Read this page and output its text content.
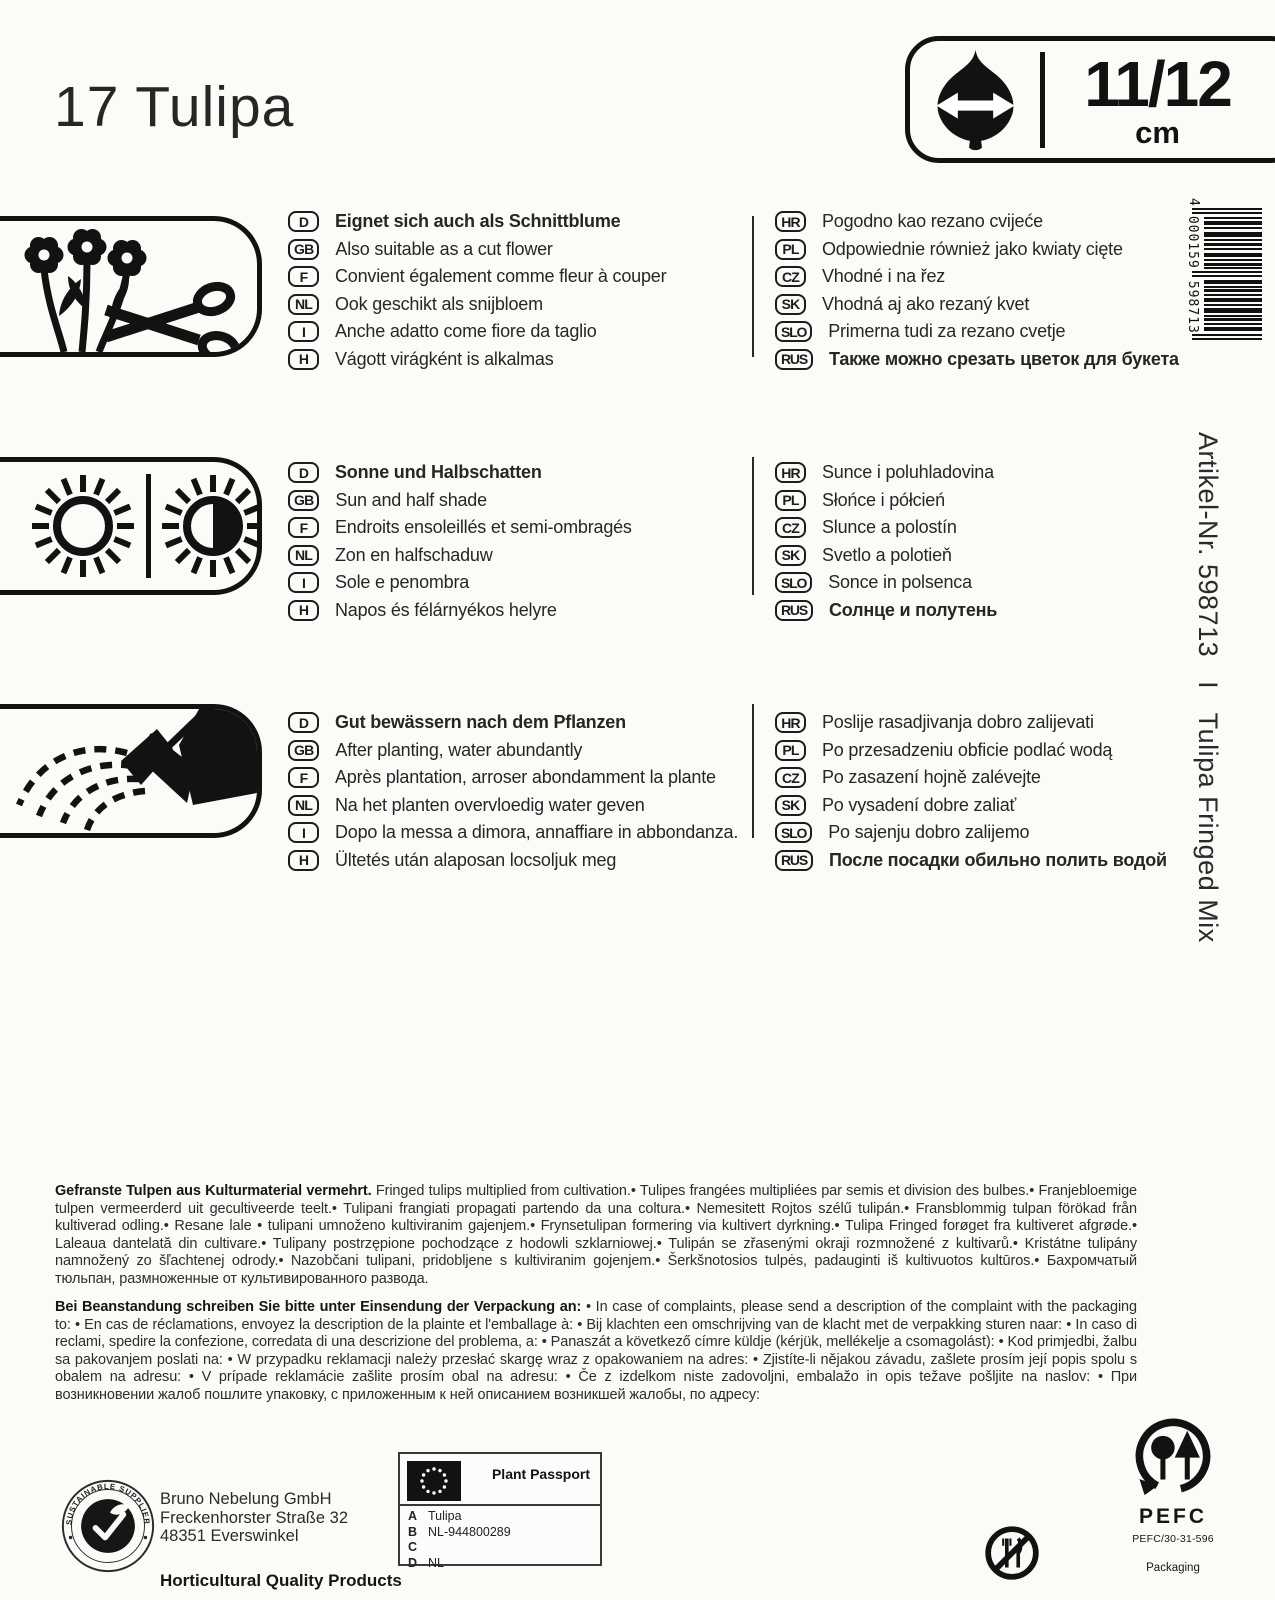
17 Tulipa	11/12
cm
D	Eignet sich auch als Schnittblume
GB	Also suitable as a cut flower
F	Convient également comme fleur à couper
NL	Ook geschikt als snijbloem
I	Anche adatto come fiore da taglio
H	Vágott virágként is alkalmas
HR	Pogodno kao rezano cvijeće
PL	Odpowiednie również jako kwiaty cięte
CZ	Vhodné i na řez
SK	Vhodná aj ako rezaný kvet
SLO	Primerna tudi za rezano cvetje
RUS	Также можно срезать цветок для букета
D	Sonne und Halbschatten
GB	Sun and half shade
F	Endroits ensoleillés et semi-ombragés
NL	Zon en halfschaduw
I	Sole e penombra
H	Napos és félárnyékos helyre
HR	Sunce i poluhladovina
PL	Słońce i półcień
CZ	Slunce a polostín
SK	Svetlo a polotieň
SLO	Sonce in polsenca
RUS	Солнце и полутень
D	Gut bewässern nach dem Pflanzen
GB	After planting, water abundantly
F	Après plantation, arroser abondamment la plante
NL	Na het planten overvloedig water geven
I	Dopo la messa a dimora, annaffiare in abbondanza.
H	Ültetés után alaposan locsoljuk meg
HR	Poslije rasadjivanja dobro zalijevati
PL	Po przesadzeniu obficie podlać wodą
CZ	Po zasazení hojně zalévejte
SK	Po vysadení dobre zaliať
SLO	Po sajenju dobro zalijemo
RUS	После посадки обильно полить водой
4
000159
598713
Artikel-Nr. 598713   I   Tulipa Fringed Mix
Gefranste Tulpen aus Kulturmaterial vermehrt. Fringed tulips multiplied from cultivation.• Tulipes frangées multipliées par semis et division des bulbes.• Franjebloemige tulpen vermeerderd uit gecultiveerde teelt.• Tulipani frangiati propagati partendo da una coltura.• Nemesitett Rojtos szélű tulipán.• Fransblommig tulpan förökad från kultiverad odling.• Resane lale • tulipani umnoženo kultiviranim gajenjem.• Frynsetulipan formering via kultivert dyrkning.• Tulipa Fringed forøget fra kultiveret afgrøde.• Laleaua dantelată din cultivare.• Tulipany postrzępione pochodzące z hodowli szklarniowej.• Tulipán se zřasenými okraji rozmnožené z kultivarů.• Kristátne tulipány namnožený zo šľachtenej odrody.• Nazobčani tulipani, pridobljene s kultiviranim gojenjem.• Šerkšnotosios tulpės, padauginti iš kultivuotos kultūros.• Бахромчатый тюльпан, размноженные от культивированного развода.
Bei Beanstandung schreiben Sie bitte unter Einsendung der Verpackung an: • In case of complaints, please send a description of the complaint with the packaging to: • En cas de réclamations, envoyez la description de la plainte et l'emballage à: • Bij klachten een omschrijving van de klacht met de verpakking sturen naar: • In caso di reclami, spedire la confezione, corredata di una descrizione del problema, a: • Panaszát a következő címre küldje (kérjük, mellékelje a csomagolást): • Kod primjedbi, žalbu sa pakovanjem poslati na: • W przypadku reklamacji należy przesłać skargę wraz z opakowaniem na adres: • Zjistíte-li nějakou závadu, zašlete prosím její popis spolu s obalem na adresu: • V prípade reklamácie zašlite prosím obal na adresu: • Če z izdelkom niste zadovoljni, embalažo in opis težave pošljite na naslov: • При возникновении жалоб пошлите упаковку, с приложенным к ней описанием возникшей жалобы, по адресу:
SUSTAINABLE SUPPLIER
Bruno Nebelung GmbH
Freckenhorster Straße 32
48351 Everswinkel
Horticultural Quality Products
Plant Passport
A Tulipa
B NL-944800289
C
D NL
PEFC
PEFC/30-31-596
Packaging
